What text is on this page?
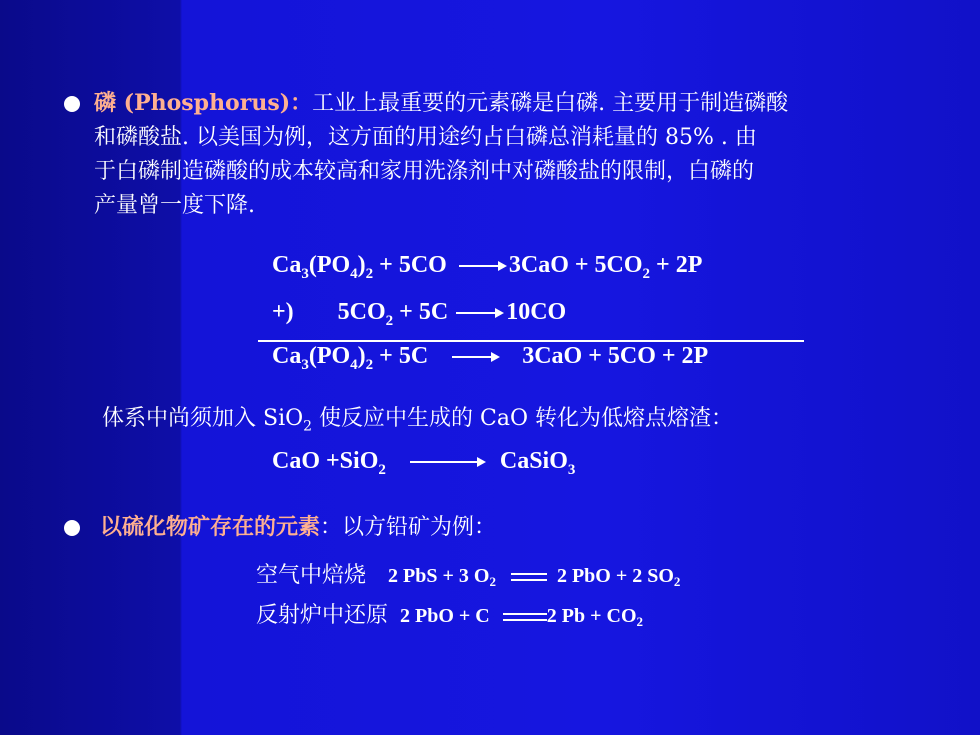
磷 (Phosphorus)：工业上最重要的元素磷是白磷. 主要用于制造磷酸
和磷酸盐. 以美国为例，这方面的用途约占白磷总消耗量的 85% . 由
于白磷制造磷酸的成本较高和家用洗涤剂中对磷酸盐的限制，白磷的
产量曾一度下降.
$Ca_3(PO_4)_2 + 5CO$	$3CaO + 5CO_2 + 2P$
+) $5CO_2 + 5C$ 10CO
$Ca_3(PO_4)_2 + 5C$	3CaO + 5CO + 2P
体系中尚须加入 SiO$_2$ 使反应中生成的 CaO 转化为低熔点熔渣：
CaO +SiO$_2$	CaSiO$_3$
以硫化物矿存在的元素：以方铅矿为例：
空气中焙烧 2 PbS + 3 $O_2$	2 PbO + 2 $SO_2$
反射炉中还原 2 PbO + C	2 $Pb + CO_2$
